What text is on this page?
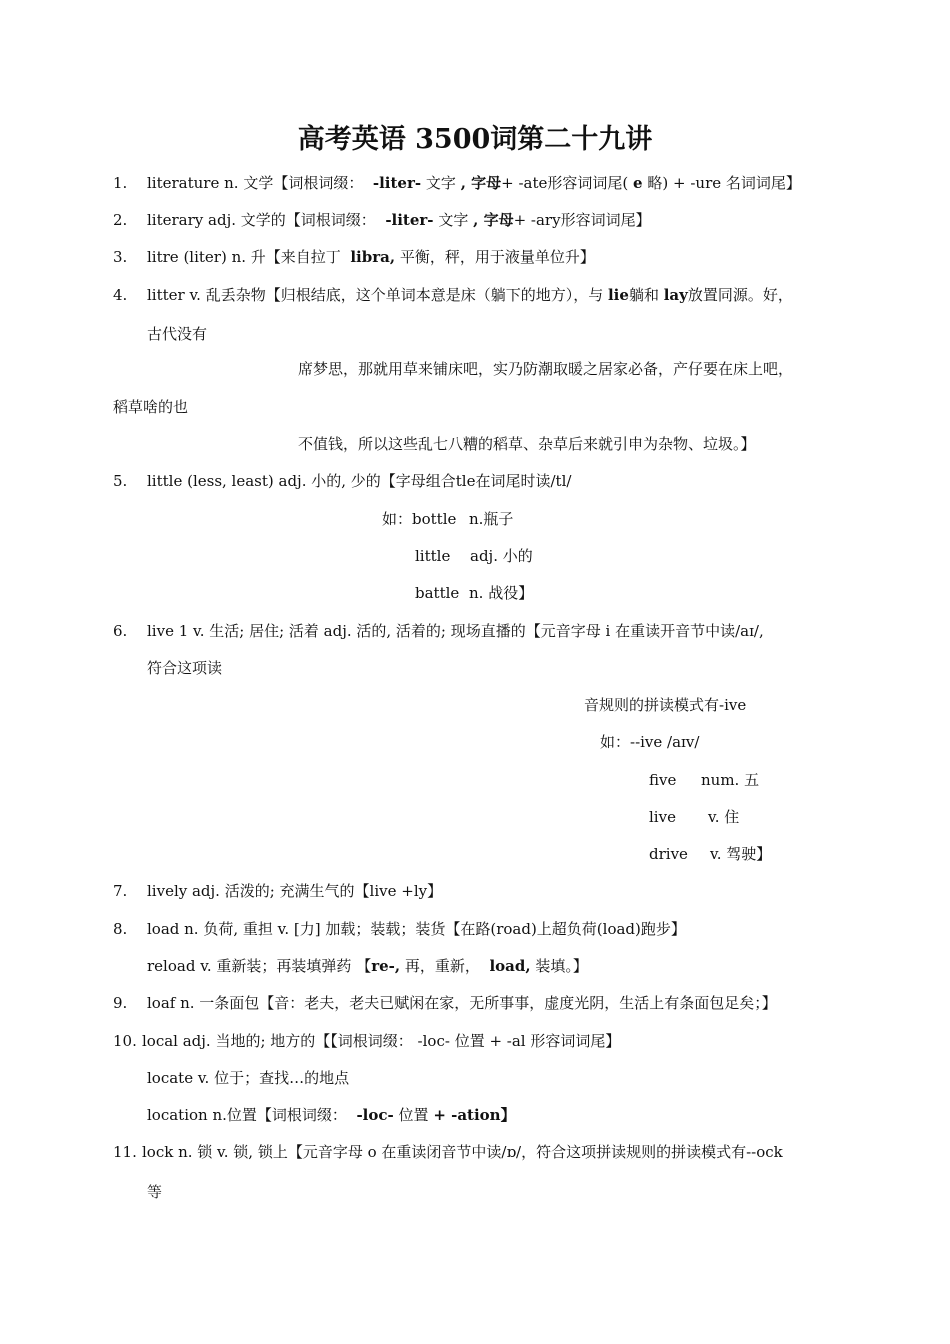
高考英语 3500词第二十九讲
1. literature n. 文学【词根词缀： -liter- 文字 , 字母+ -ate形容词词尾( e 略) + -ure 名词词尾】
2. literary adj. 文学的【词根词缀： -liter- 文字 , 字母+ -ary形容词词尾】
3. litre (liter) n. 升【来自拉丁 libra, 平衡，秤，用于液量单位升】
4. litter v. 乱丢杂物【归根结底，这个单词本意是床（躺下的地方），与 lie躺和 lay放置同源。好，
古代没有
席梦思，那就用草来铺床吧，实乃防潮取暖之居家必备，产仔要在床上吧，
稻草啥的也
不值钱，所以这些乱七八糟的稻草、杂草后来就引申为杂物、垃圾。】
5. little (less, least) adj. 小的, 少的【字母组合tle在词尾时读/tl/
如：bottle n.瓶子
little adj. 小的
battle n. 战役】
6. live 1 v. 生活; 居住; 活着 adj. 活的, 活着的; 现场直播的【元音字母 i 在重读开音节中读/aɪ/,
符合这项读
音规则的拼读模式有-ive
如：--ive /aɪv/
five num. 五
live v. 住
drive v. 驾驶】
7. lively adj. 活泼的; 充满生气的【live +ly】
8. load n. 负荷, 重担 v. [力] 加载；装载；装货【在路(road)上超负荷(load)跑步】
reload v. 重新装；再装填弹药 【re-, 再，重新， load, 装填。】
9. loaf n. 一条面包【音：老夫，老夫已赋闲在家，无所事事，虚度光阴，生活上有条面包足矣；】
10. local adj. 当地的; 地方的【【词根词缀： -loc- 位置 + -al 形容词词尾】
locate v. 位于；查找…的地点
location n.位置【词根词缀： -loc- 位置 + -ation】
11. lock n. 锁 v. 锁, 锁上【元音字母 o 在重读闭音节中读/ɒ/，符合这项拼读规则的拼读模式有--ock
等
